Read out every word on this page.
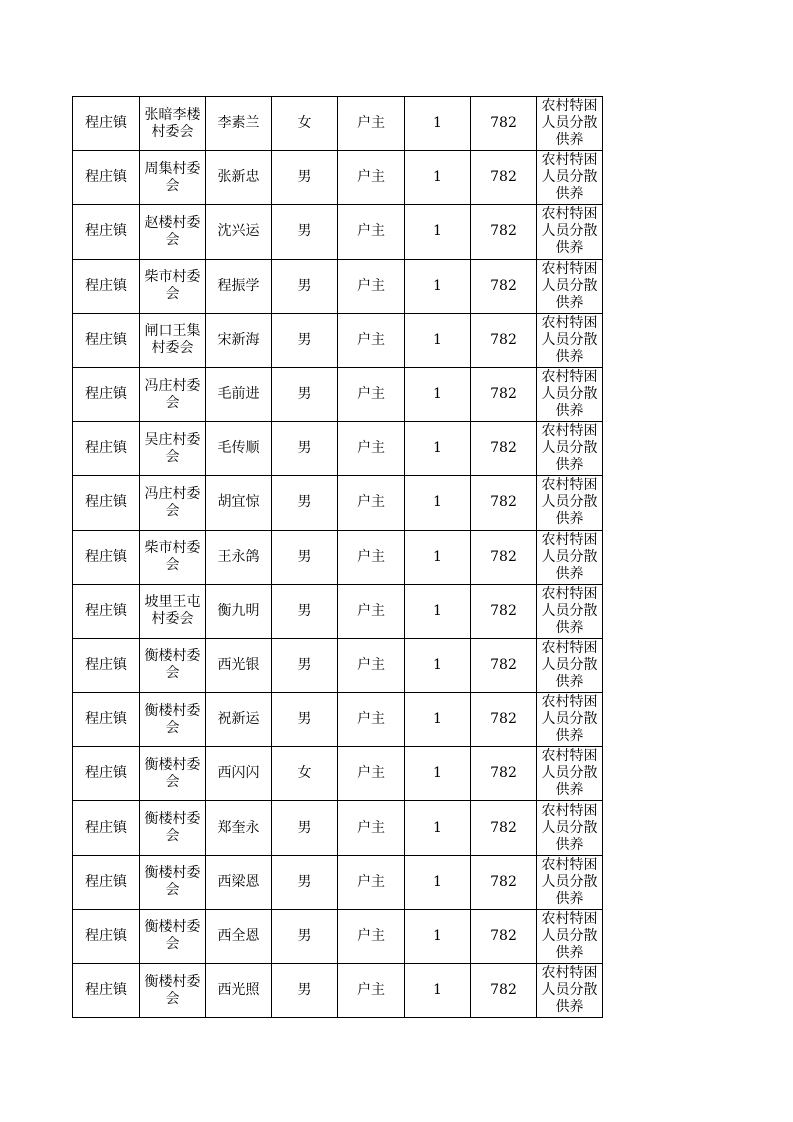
程庄镇	张暗李楼村委会	李素兰	女	户主	1	782	农村特困人员分散供养
程庄镇	周集村委会	张新忠	男	户主	1	782	农村特困人员分散供养
程庄镇	赵楼村委会	沈兴运	男	户主	1	782	农村特困人员分散供养
程庄镇	柴市村委会	程振学	男	户主	1	782	农村特困人员分散供养
程庄镇	闸口王集村委会	宋新海	男	户主	1	782	农村特困人员分散供养
程庄镇	冯庄村委会	毛前进	男	户主	1	782	农村特困人员分散供养
程庄镇	吴庄村委会	毛传顺	男	户主	1	782	农村特困人员分散供养
程庄镇	冯庄村委会	胡宜惊	男	户主	1	782	农村特困人员分散供养
程庄镇	柴市村委会	王永鸽	男	户主	1	782	农村特困人员分散供养
程庄镇	坡里王屯村委会	衡九明	男	户主	1	782	农村特困人员分散供养
程庄镇	衡楼村委会	西光银	男	户主	1	782	农村特困人员分散供养
程庄镇	衡楼村委会	祝新运	男	户主	1	782	农村特困人员分散供养
程庄镇	衡楼村委会	西闪闪	女	户主	1	782	农村特困人员分散供养
程庄镇	衡楼村委会	郑奎永	男	户主	1	782	农村特困人员分散供养
程庄镇	衡楼村委会	西梁恩	男	户主	1	782	农村特困人员分散供养
程庄镇	衡楼村委会	西全恩	男	户主	1	782	农村特困人员分散供养
程庄镇	衡楼村委会	西光照	男	户主	1	782	农村特困人员分散供养
